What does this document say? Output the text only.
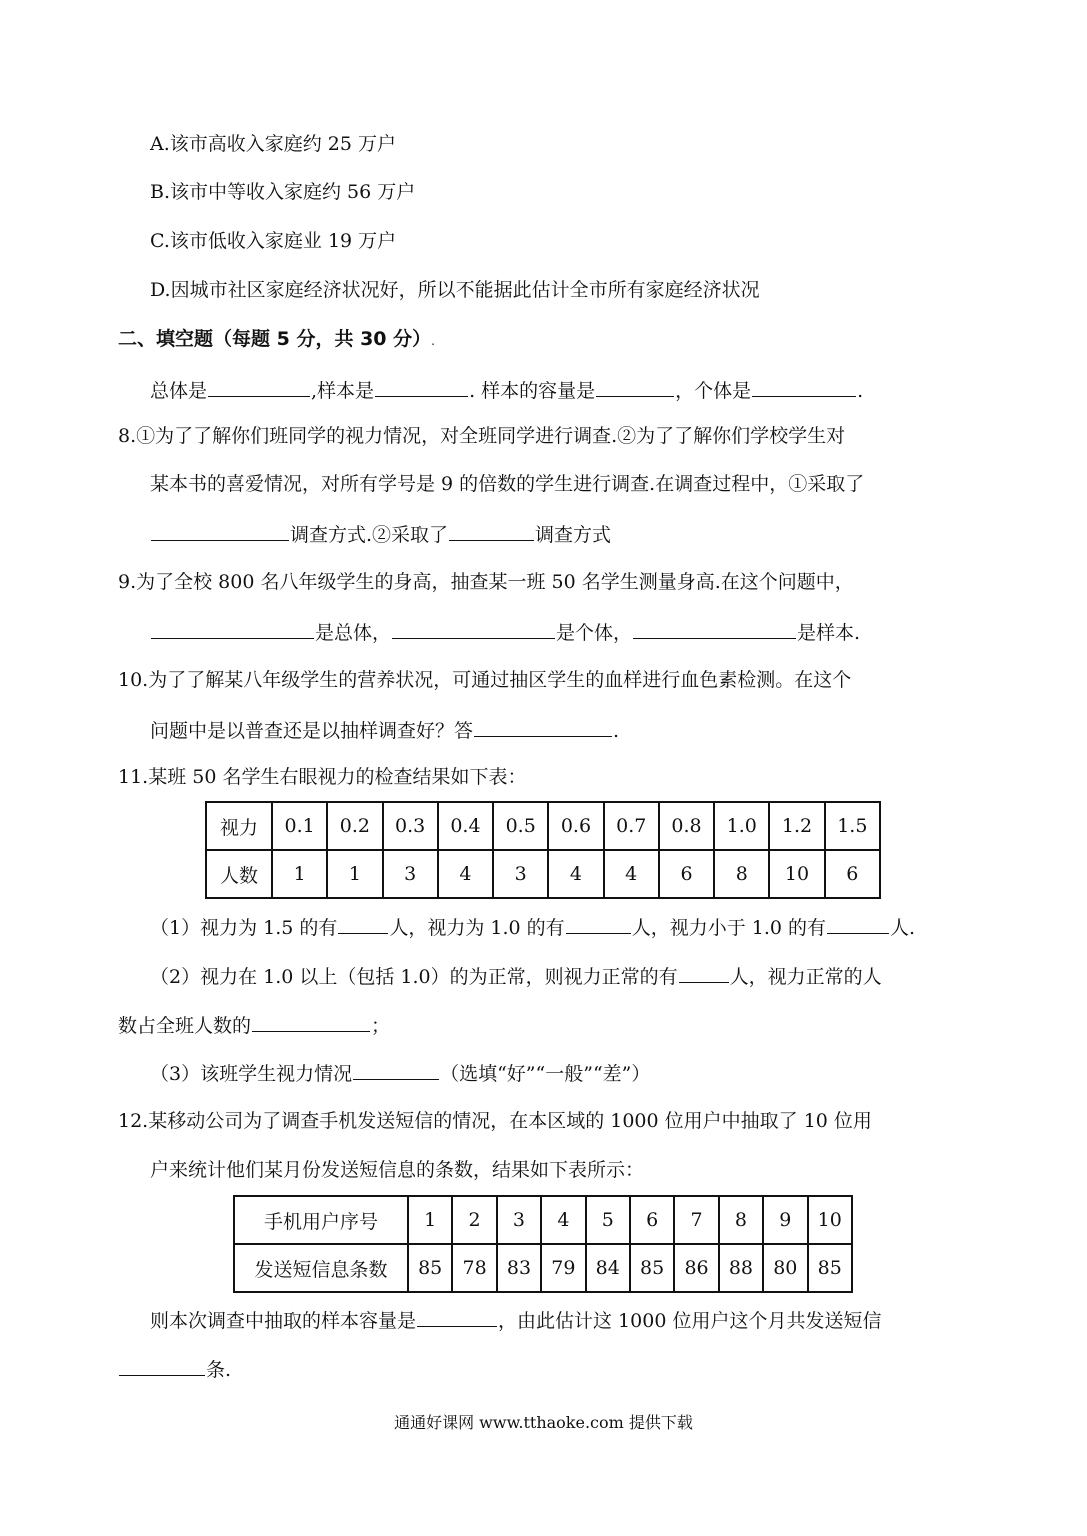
A.该市高收入家庭约 25 万户
B.该市中等收入家庭约 56 万户
C.该市低收入家庭业 19 万户
D.因城市社区家庭经济状况好，所以不能据此估计全市所有家庭经济状况
二、填空题（每题 5 分，共 30 分）.
总体是	,样本是	. 样本的容量是	，个体是	.
8.①为了了解你们班同学的视力情况，对全班同学进行调查.②为了了解你们学校学生对
某本书的喜爱情况，对所有学号是 9 的倍数的学生进行调查.在调查过程中，①采取了
调查方式.②采取了	调查方式
9.为了全校 800 名八年级学生的身高，抽查某一班 50 名学生测量身高.在这个问题中，
是总体，	是个体，	是样本.
10.为了了解某八年级学生的营养状况，可通过抽区学生的血样进行血色素检测。在这个
问题中是以普查还是以抽样调查好？答	.
11.某班 50 名学生右眼视力的检查结果如下表：
视力	0.1	0.2	0.3	0.4	0.5	0.6	0.7	0.8	1.0	1.2	1.5
人数	1	1	3	4	3	4	4	6	8	10	6
（1）视力为 1.5 的有	人，视力为 1.0 的有	人，视力小于 1.0 的有	人.
（2）视力在 1.0 以上（包括 1.0）的为正常，则视力正常的有	人，视力正常的人
数占全班人数的	；
（3）该班学生视力情况	（选填“好”“一般”“差”）
12.某移动公司为了调查手机发送短信的情况，在本区域的 1000 位用户中抽取了 10 位用
户来统计他们某月份发送短信息的条数，结果如下表所示：
手机用户序号	1	2	3	4	5	6	7	8	9	10
发送短信息条数	85	78	83	79	84	85	86	88	80	85
则本次调查中抽取的样本容量是	，由此估计这 1000 位用户这个月共发送短信
条.
通通好课网 www.tthaoke.com 提供下载
